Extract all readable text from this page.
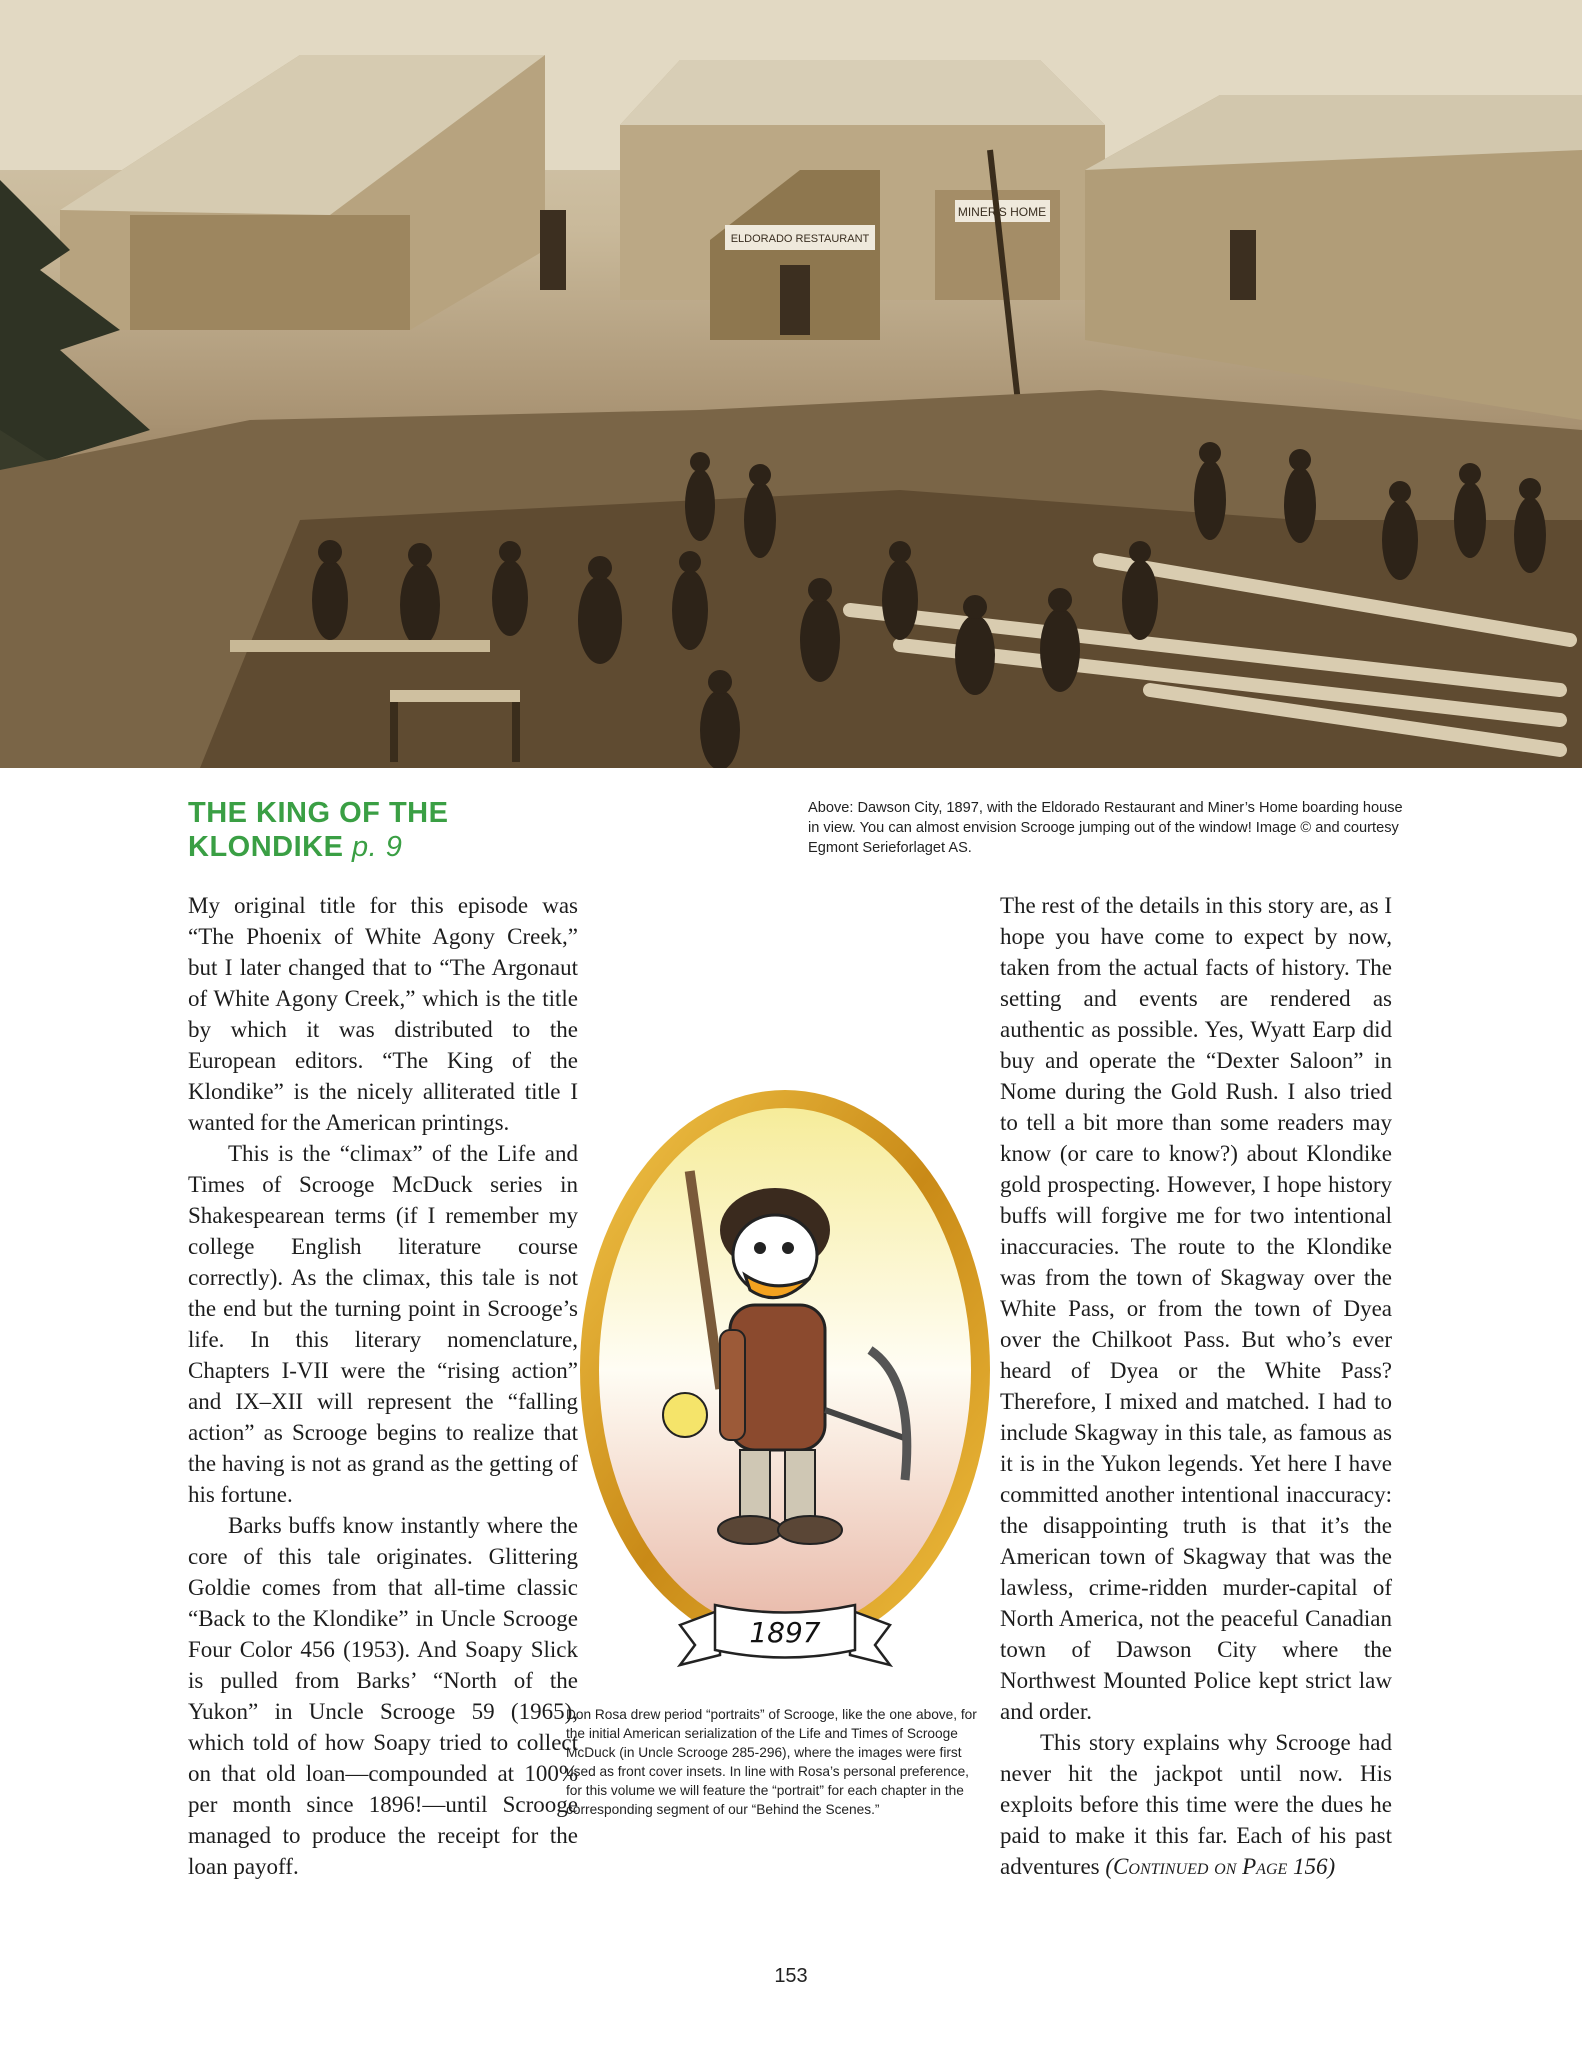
MINER'S HOME
ELDORADO RESTAURANT
THE KING OF THE KLONDIKE p. 9
Above: Dawson City, 1897, with the Eldorado Restaurant and Miner’s Home boarding house in view. You can almost envision Scrooge jumping out of the window! Image © and courtesy Egmont Serieforlaget AS.

My original title for this episode was “The Phoenix of White Agony Creek,” but I later changed that to “The Argonaut of White Agony Creek,” which is the title by which it was distributed to the European editors. “The King of the Klondike” is the nicely alliterated title I wanted for the American printings.

This is the “climax” of the Life and Times of Scrooge McDuck series in Shakespearean terms (if I remember my college English literature course correctly). As the climax, this tale is not the end but the turning point in Scrooge’s life. In this literary nomenclature, Chapters I-VII were the “rising action” and IX–XII will represent the “falling action” as Scrooge begins to realize that the having is not as grand as the getting of his fortune.

Barks buffs know instantly where the core of this tale originates. Glittering Goldie comes from that all-time classic “Back to the Klondike” in Uncle Scrooge Four Color 456 (1953). And Soapy Slick is pulled from Barks’ “North of the Yukon” in Uncle Scrooge 59 (1965), which told of how Soapy tried to collect on that old loan—compounded at 100% per month since 1896!—until Scrooge managed to produce the receipt for the loan payoff.

The rest of the details in this story are, as I hope you have come to expect by now, taken from the actual facts of history. The setting and events are rendered as authentic as possible. Yes, Wyatt Earp did buy and operate the “Dexter Saloon” in Nome during the Gold Rush. I also tried to tell a bit more than some readers may know (or care to know?) about Klondike gold prospecting. However, I hope history buffs will forgive me for two intentional inaccuracies. The route to the Klondike was from the town of Skagway over the White Pass, or from the town of Dyea over the Chilkoot Pass. But who’s ever heard of Dyea or the White Pass? Therefore, I mixed and matched. I had to include Skagway in this tale, as famous as it is in the Yukon legends. Yet here I have committed another intentional inaccuracy: the disappointing truth is that it’s the American town of Skagway that was the lawless, crime-ridden murder-capital of North America, not the peaceful Canadian town of Dawson City where the Northwest Mounted Police kept strict law and order.

This story explains why Scrooge had never hit the jackpot until now. His exploits before this time were the dues he paid to make it this far. Each of his past adventures (Continued on Page 156)

1897
Don Rosa drew period “portraits” of Scrooge, like the one above, for the initial American serialization of the Life and Times of Scrooge McDuck (in Uncle Scrooge 285-296), where the images were first used as front cover insets. In line with Rosa’s personal preference, for this volume we will feature the “portrait” for each chapter in the corresponding segment of our “Behind the Scenes.”
153
